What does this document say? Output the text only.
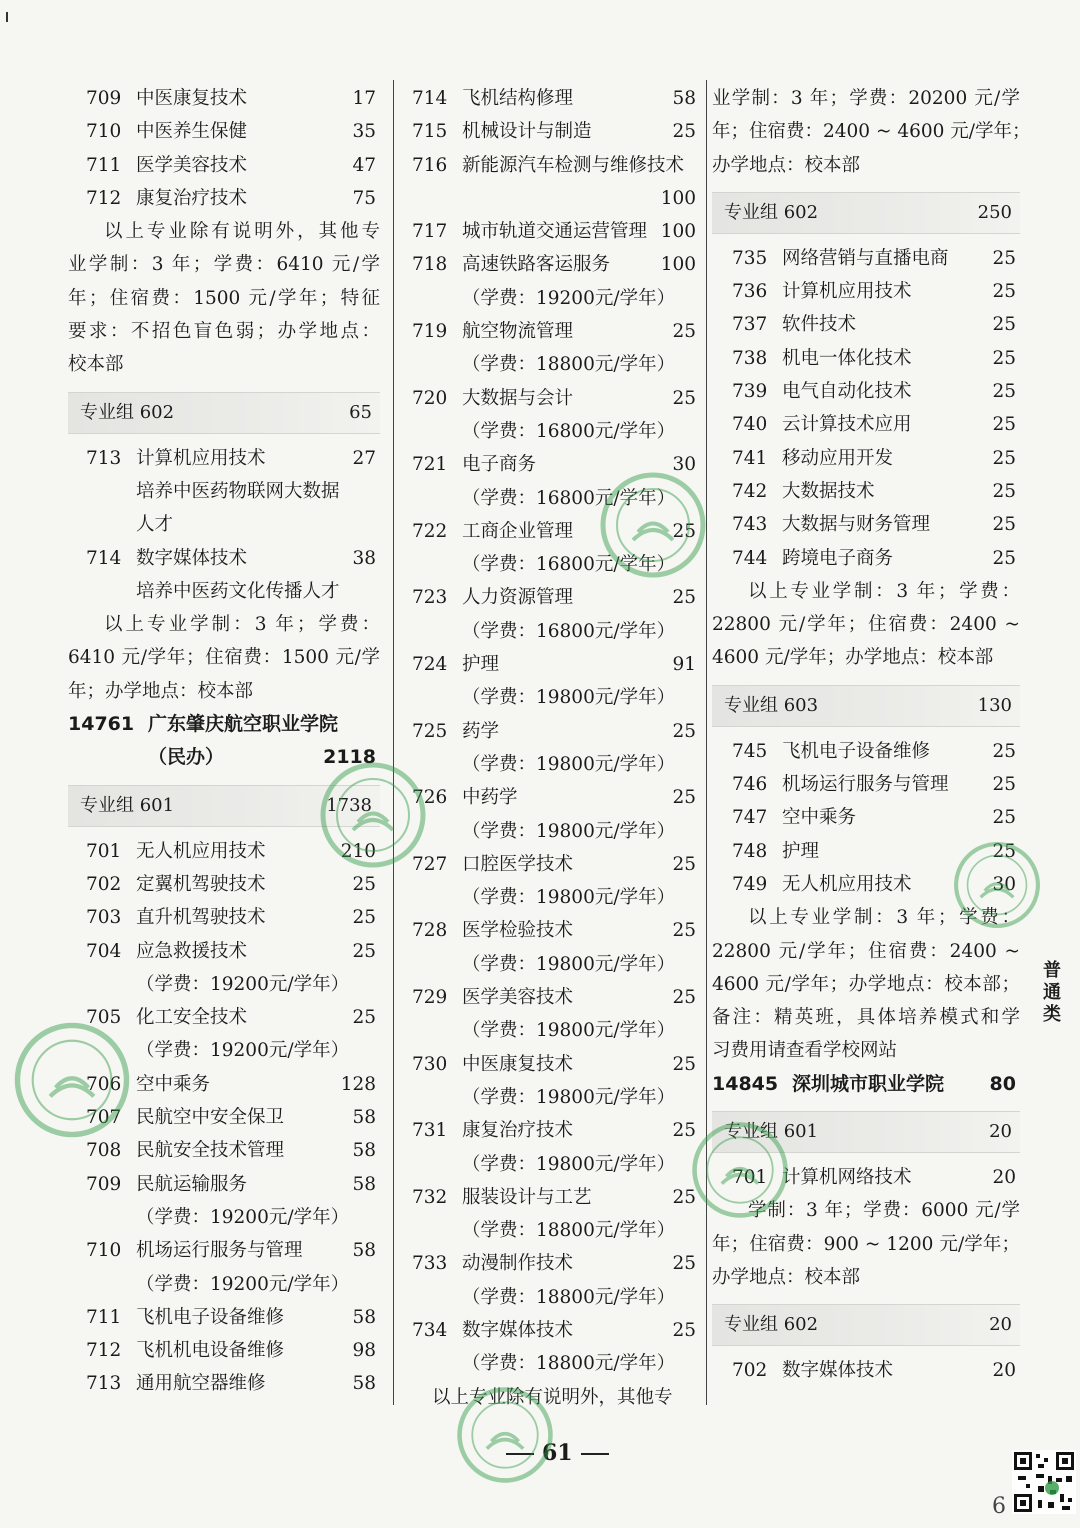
709 中医康复技术	17
710 中医养生保健	35
711 医学美容技术	47
712 康复治疗技术	75
以上专业除有说明外，其他专
业学制：3 年；学费：6410 元/学
年；住宿费：1500 元/学年；特征
要求：不招色盲色弱；办学地点：
校本部
专业组 602	65
713 计算机应用技术	27
培养中医药物联网大数据
人才
714 数字媒体技术	38
培养中医药文化传播人才
以上专业学制：3 年；学费：
6410 元/学年；住宿费：1500 元/学
年；办学地点：校本部
14761 广东肇庆航空职业学院
（民办）	2118
专业组 601	1738
701 无人机应用技术	210
702 定翼机驾驶技术	25
703 直升机驾驶技术	25
704 应急救援技术	25
（学费：19200元/学年）
705 化工安全技术	25
（学费：19200元/学年）
706 空中乘务	128
707 民航空中安全保卫	58
708 民航安全技术管理	58
709 民航运输服务	58
（学费：19200元/学年）
710 机场运行服务与管理	58
（学费：19200元/学年）
711 飞机电子设备维修	58
712 飞机机电设备维修	98
713 通用航空器维修	58
714 飞机结构修理	58
715 机械设计与制造	25
716 新能源汽车检测与维修技术
100
717 城市轨道交通运营管理 100
718 高速铁路客运服务	100
（学费：19200元/学年）
719 航空物流管理	25
（学费：18800元/学年）
720 大数据与会计	25
（学费：16800元/学年）
721 电子商务	30
（学费：16800元/学年）
722 工商企业管理	25
（学费：16800元/学年）
723 人力资源管理	25
（学费：16800元/学年）
724 护理	91
（学费：19800元/学年）
725 药学	25
（学费：19800元/学年）
726 中药学	25
（学费：19800元/学年）
727 口腔医学技术	25
（学费：19800元/学年）
728 医学检验技术	25
（学费：19800元/学年）
729 医学美容技术	25
（学费：19800元/学年）
730 中医康复技术	25
（学费：19800元/学年）
731 康复治疗技术	25
（学费：19800元/学年）
732 服装设计与工艺	25
（学费：18800元/学年）
733 动漫制作技术	25
（学费：18800元/学年）
734 数字媒体技术	25
（学费：18800元/学年）
以上专业除有说明外，其他专
业学制：3 年；学费：20200 元/学
年；住宿费：2400 ~ 4600 元/学年；
办学地点：校本部
专业组 602	250
735 网络营销与直播电商 25
736 计算机应用技术	25
737 软件技术	25
738 机电一体化技术	25
739 电气自动化技术	25
740 云计算技术应用	25
741 移动应用开发	25
742 大数据技术	25
743 大数据与财务管理	25
744 跨境电子商务	25
以上专业学制：3 年；学费：
22800 元/学年；住宿费：2400 ~
4600 元/学年；办学地点：校本部
专业组 603	130
745 飞机电子设备维修	25
746 机场运行服务与管理 25
747 空中乘务	25
748 护理	25
749 无人机应用技术	30
以上专业学制：3 年；学费：
22800 元/学年；住宿费：2400 ~
4600 元/学年；办学地点：校本部；
备注：精英班，具体培养模式和学
习费用请查看学校网站
14845 深圳城市职业学院 80
专业组 601	20
701 计算机网络技术	20
学制：3 年；学费：6000 元/学
年；住宿费：900 ~ 1200 元/学年；
办学地点：校本部
专业组 602	20
702 数字媒体技术	20
普通类
61
6
